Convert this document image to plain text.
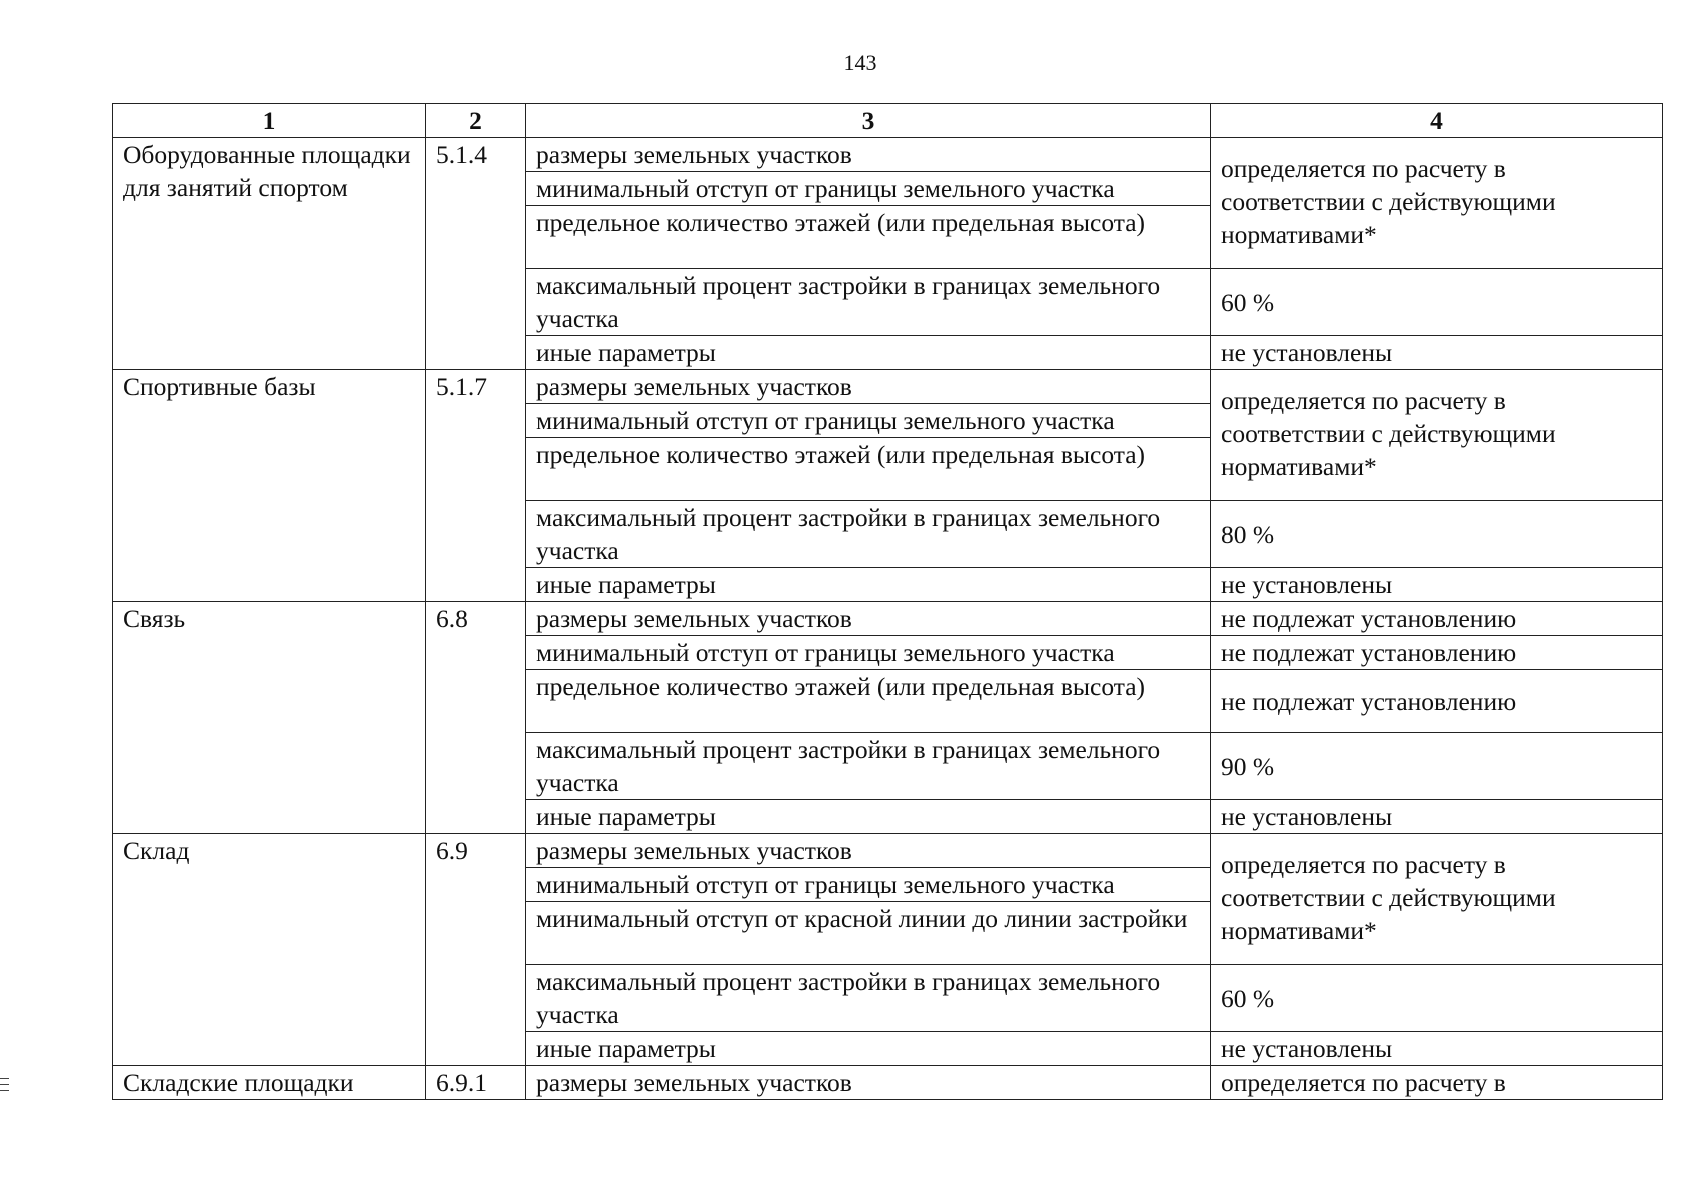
143
1	2	3	4
Оборудованные площадки для занятий спортом	5.1.4	размеры земельных участков	определяется по расчету в соответствии с действующими нормативами*
		минимальный отступ от границы земельного участка	
		предельное количество этажей (или предельная высота)	
		максимальный процент застройки в границах земельного участка	60 %
		иные параметры	не установлены
Спортивные базы	5.1.7	размеры земельных участков	определяется по расчету в соответствии с действующими нормативами*
		минимальный отступ от границы земельного участка	
		предельное количество этажей (или предельная высота)	
		максимальный процент застройки в границах земельного участка	80 %
		иные параметры	не установлены
Связь	6.8	размеры земельных участков	не подлежат установлению
		минимальный отступ от границы земельного участка	не подлежат установлению
		предельное количество этажей (или предельная высота)	не подлежат установлению
		максимальный процент застройки в границах земельного участка	90 %
		иные параметры	не установлены
Склад	6.9	размеры земельных участков	определяется по расчету в соответствии с действующими нормативами*
		минимальный отступ от границы земельного участка	
		минимальный отступ от красной линии до линии застройки	
		максимальный процент застройки в границах земельного участка	60 %
		иные параметры	не установлены
Складские площадки	6.9.1	размеры земельных участков	определяется по расчету в
